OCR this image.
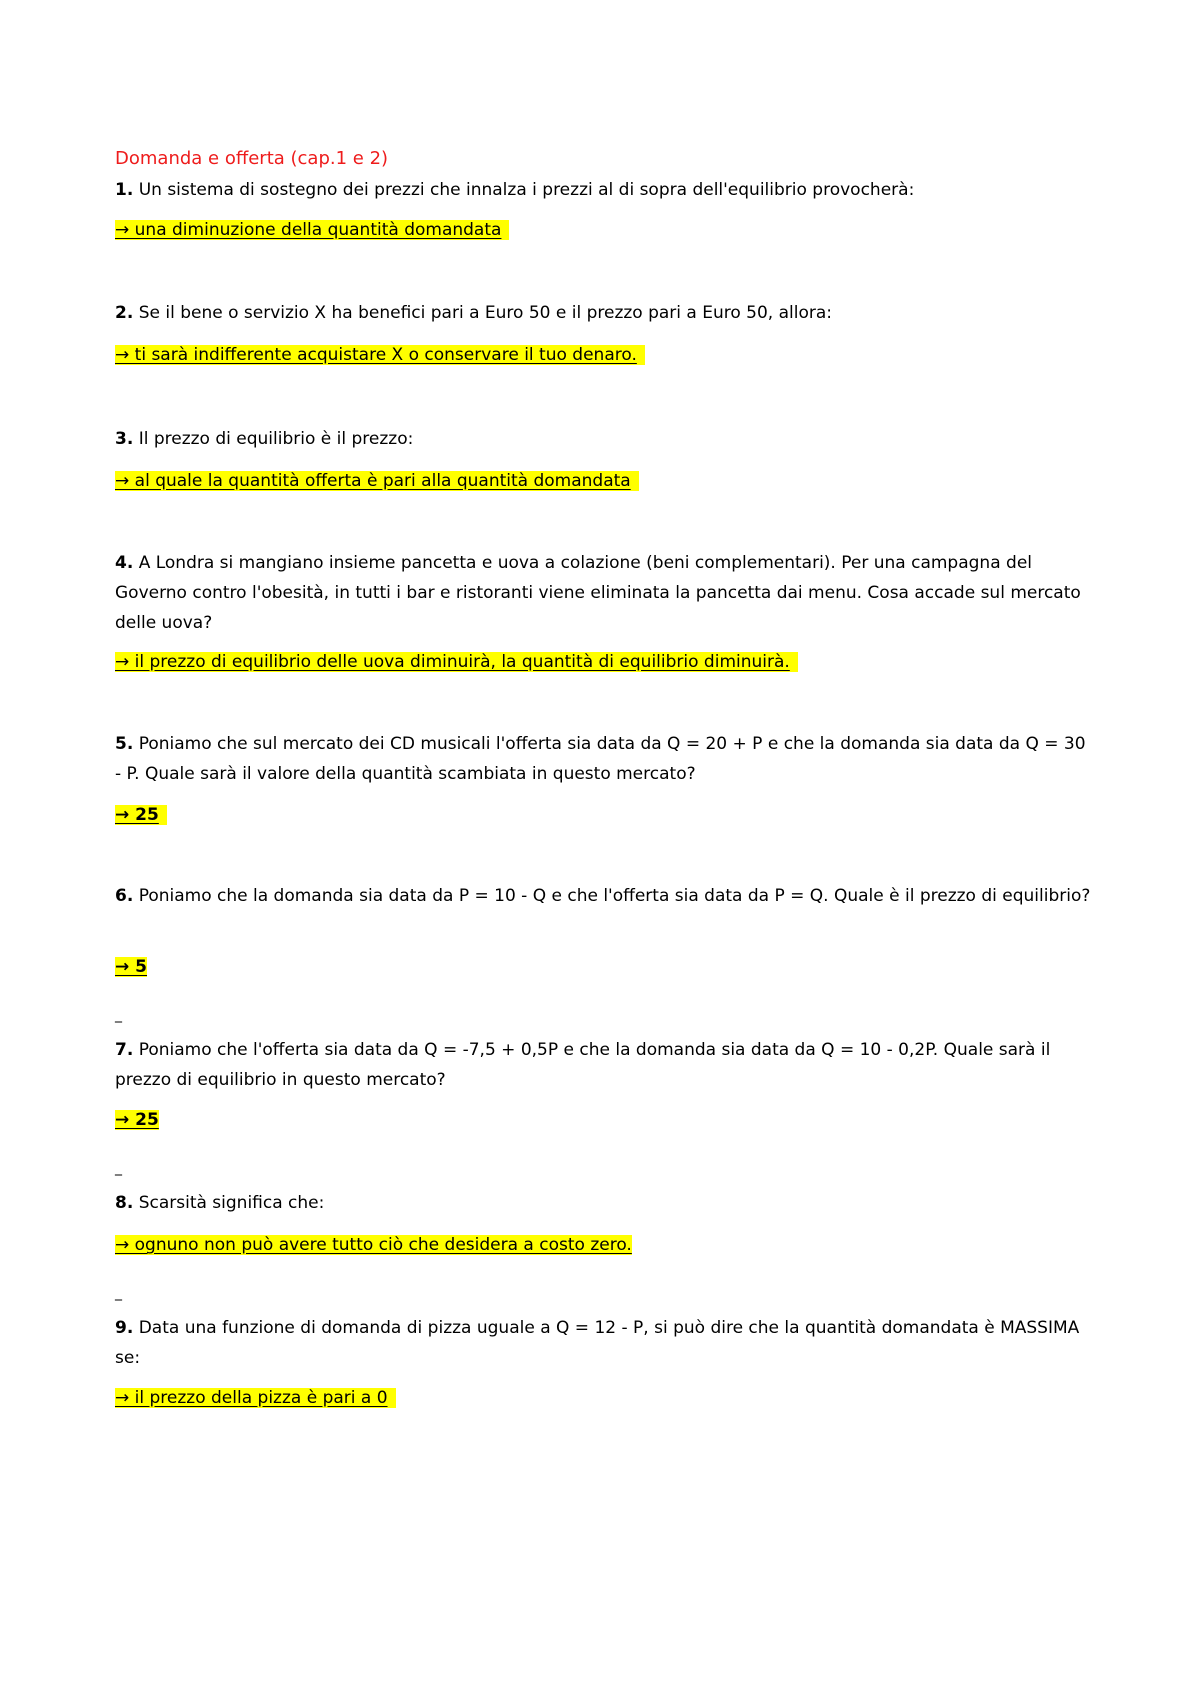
Domanda e offerta (cap.1 e 2)
1. Un sistema di sostegno dei prezzi che innalza i prezzi al di sopra dell'equilibrio provocherà:
→ una diminuzione della quantità domandata
2. Se il bene o servizio X ha benefici pari a Euro 50 e il prezzo pari a Euro 50, allora:
→ ti sarà indifferente acquistare X o conservare il tuo denaro.
3. Il prezzo di equilibrio è il prezzo:
→ al quale la quantità offerta è pari alla quantità domandata
4. A Londra si mangiano insieme pancetta e uova a colazione (beni complementari). Per una campagna del Governo contro l'obesità, in tutti i bar e ristoranti viene eliminata la pancetta dai menu. Cosa accade sul mercato delle uova?
→ il prezzo di equilibrio delle uova diminuirà, la quantità di equilibrio diminuirà.
5. Poniamo che sul mercato dei CD musicali l'offerta sia data da Q = 20 + P e che la domanda sia data da Q = 30 - P. Quale sarà il valore della quantità scambiata in questo mercato?
→ 25
6. Poniamo che la domanda sia data da P = 10 - Q e che l'offerta sia data da P = Q. Quale è il prezzo di equilibrio?
→ 5
_
7. Poniamo che l'offerta sia data da Q = -7,5 + 0,5P e che la domanda sia data da Q = 10 - 0,2P. Quale sarà il prezzo di equilibrio in questo mercato?
→ 25
_
8. Scarsità significa che:
→ ognuno non può avere tutto ciò che desidera a costo zero.
_
9. Data una funzione di domanda di pizza uguale a Q = 12 - P, si può dire che la quantità domandata è MASSIMA se:
→ il prezzo della pizza è pari a 0
